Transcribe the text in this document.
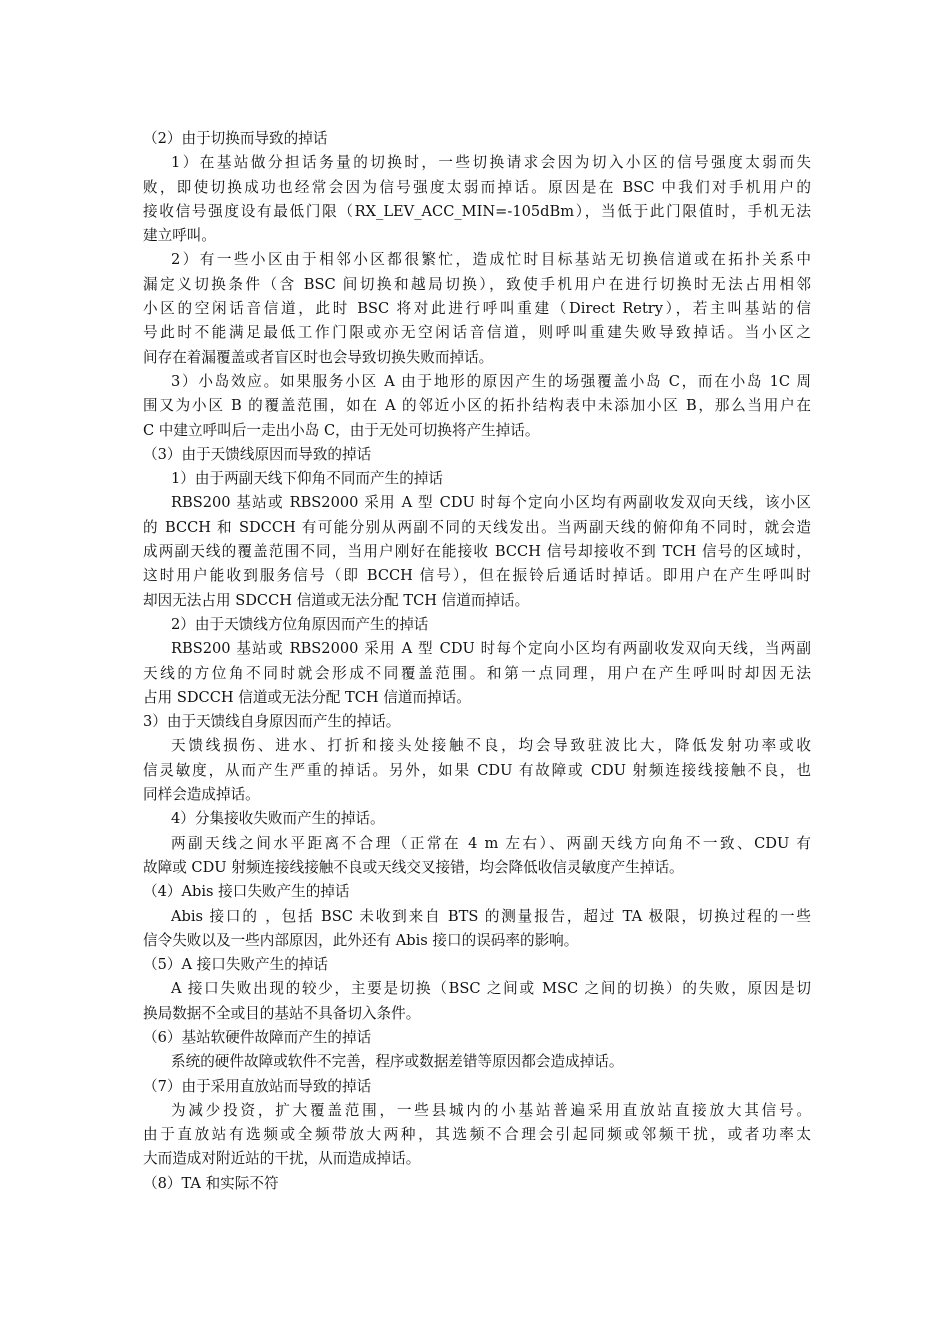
（2）由于切换而导致的掉话
1）在基站做分担话务量的切换时，一些切换请求会因为切入小区的信号强度太弱而失
败，即使切换成功也经常会因为信号强度太弱而掉话。原因是在 BSC 中我们对手机用户的
接收信号强度设有最低门限（RX_LEV_ACC_MIN=-105dBm），当低于此门限值时，手机无法
建立呼叫。
2）有一些小区由于相邻小区都很繁忙，造成忙时目标基站无切换信道或在拓扑关系中
漏定义切换条件（含 BSC 间切换和越局切换），致使手机用户在进行切换时无法占用相邻
小区的空闲话音信道，此时 BSC 将对此进行呼叫重建（Direct Retry），若主叫基站的信
号此时不能满足最低工作门限或亦无空闲话音信道，则呼叫重建失败导致掉话。当小区之
间存在着漏覆盖或者盲区时也会导致切换失败而掉话。
3）小岛效应。如果服务小区 A 由于地形的原因产生的场强覆盖小岛 C，而在小岛 1C 周
围又为小区 B 的覆盖范围，如在 A 的邻近小区的拓扑结构表中未添加小区 B，那么当用户在
C 中建立呼叫后一走出小岛 C，由于无处可切换将产生掉话。
（3）由于天馈线原因而导致的掉话
1）由于两副天线下仰角不同而产生的掉话
RBS200 基站或 RBS2000 采用 A 型 CDU 时每个定向小区均有两副收发双向天线，该小区
的 BCCH 和 SDCCH 有可能分别从两副不同的天线发出。当两副天线的俯仰角不同时，就会造
成两副天线的覆盖范围不同，当用户刚好在能接收 BCCH 信号却接收不到 TCH 信号的区域时，
这时用户能收到服务信号（即 BCCH 信号），但在振铃后通话时掉话。即用户在产生呼叫时
却因无法占用 SDCCH 信道或无法分配 TCH 信道而掉话。
2）由于天馈线方位角原因而产生的掉话
RBS200 基站或 RBS2000 采用 A 型 CDU 时每个定向小区均有两副收发双向天线，当两副
天线的方位角不同时就会形成不同覆盖范围。和第一点同理，用户在产生呼叫时却因无法
占用 SDCCH 信道或无法分配 TCH 信道而掉话。
3）由于天馈线自身原因而产生的掉话。
天馈线损伤、进水、打折和接头处接触不良，均会导致驻波比大，降低发射功率或收
信灵敏度，从而产生严重的掉话。另外，如果 CDU 有故障或 CDU 射频连接线接触不良，也
同样会造成掉话。
4）分集接收失败而产生的掉话。
两副天线之间水平距离不合理（正常在 4 m 左右）、两副天线方向角不一致、CDU 有
故障或 CDU 射频连接线接触不良或天线交叉接错，均会降低收信灵敏度产生掉话。
（4）Abis 接口失败产生的掉话
Abis 接口的 ，包括 BSC 未收到来自 BTS 的测量报告，超过 TA 极限，切换过程的一些
信令失败以及一些内部原因，此外还有 Abis 接口的误码率的影响。
（5）A 接口失败产生的掉话
A 接口失败出现的较少，主要是切换（BSC 之间或 MSC 之间的切换）的失败，原因是切
换局数据不全或目的基站不具备切入条件。
（6）基站软硬件故障而产生的掉话
系统的硬件故障或软件不完善，程序或数据差错等原因都会造成掉话。
（7）由于采用直放站而导致的掉话
为减少投资，扩大覆盖范围，一些县城内的小基站普遍采用直放站直接放大其信号。
由于直放站有选频或全频带放大两种，其选频不合理会引起同频或邻频干扰，或者功率太
大而造成对附近站的干扰，从而造成掉话。
（8）TA 和实际不符
